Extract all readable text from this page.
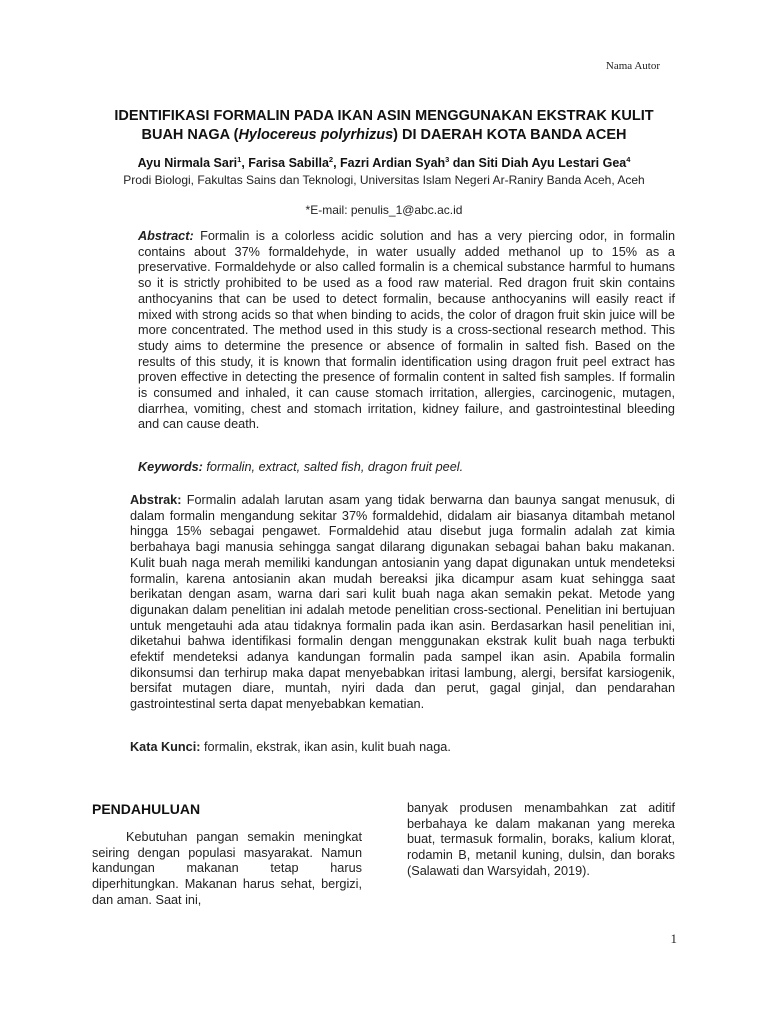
Nama Autor
IDENTIFIKASI FORMALIN PADA IKAN ASIN MENGGUNAKAN EKSTRAK KULIT
BUAH NAGA (Hylocereus polyrhizus) DI DAERAH KOTA BANDA ACEH
Ayu Nirmala Sari$^1$, Farisa Sabilla$^2$, Fazri Ardian Syah$^3$ dan Siti Diah Ayu Lestari Gea$^4$
Prodi Biologi, Fakultas Sains dan Teknologi, Universitas Islam Negeri Ar-Raniry Banda Aceh, Aceh
*E-mail: penulis_1@abc.ac.id
Abstract: Formalin is a colorless acidic solution and has a very piercing odor, in formalin contains about 37% formaldehyde, in water usually added methanol up to 15% as a preservative. Formaldehyde or also called formalin is a chemical substance harmful to humans so it is strictly prohibited to be used as a food raw material. Red dragon fruit skin contains anthocyanins that can be used to detect formalin, because anthocyanins will easily react if mixed with strong acids so that when binding to acids, the color of dragon fruit skin juice will be more concentrated. The method used in this study is a cross-sectional research method. This study aims to determine the presence or absence of formalin in salted fish. Based on the results of this study, it is known that formalin identification using dragon fruit peel extract has proven effective in detecting the presence of formalin content in salted fish samples. If formalin is consumed and inhaled, it can cause stomach irritation, allergies, carcinogenic, mutagen, diarrhea, vomiting, chest and stomach irritation, kidney failure, and gastrointestinal bleeding and can cause death.
Keywords: formalin, extract, salted fish, dragon fruit peel.
Abstrak: Formalin adalah larutan asam yang tidak berwarna dan baunya sangat menusuk, di dalam formalin mengandung sekitar 37% formaldehid, didalam air biasanya ditambah metanol hingga 15% sebagai pengawet. Formaldehid atau disebut juga formalin adalah zat kimia berbahaya bagi manusia sehingga sangat dilarang digunakan sebagai bahan baku makanan. Kulit buah naga merah memiliki kandungan antosianin yang dapat digunakan untuk mendeteksi formalin, karena antosianin akan mudah bereaksi jika dicampur asam kuat sehingga saat berikatan dengan asam, warna dari sari kulit buah naga akan semakin pekat. Metode yang digunakan dalam penelitian ini adalah metode penelitian cross-sectional. Penelitian ini bertujuan untuk mengetauhi ada atau tidaknya formalin pada ikan asin. Berdasarkan hasil penelitian ini, diketahui bahwa identifikasi formalin dengan menggunakan ekstrak kulit buah naga terbukti efektif mendeteksi adanya kandungan formalin pada sampel ikan asin. Apabila formalin dikonsumsi dan terhirup maka dapat menyebabkan iritasi lambung, alergi, bersifat karsiogenik, bersifat mutagen diare, muntah, nyiri dada dan perut, gagal ginjal, dan pendarahan gastrointestinal serta dapat menyebabkan kematian.
Kata Kunci: formalin, ekstrak, ikan asin, kulit buah naga.
PENDAHULUAN
Kebutuhan pangan semakin meningkat seiring dengan populasi masyarakat. Namun kandungan makanan tetap harus diperhitungkan. Makanan harus sehat, bergizi, dan aman. Saat ini,
banyak produsen menambahkan zat aditif berbahaya ke dalam makanan yang mereka buat, termasuk formalin, boraks, kalium klorat, rodamin B, metanil kuning, dulsin, dan boraks (Salawati dan Warsyidah, 2019).
1
